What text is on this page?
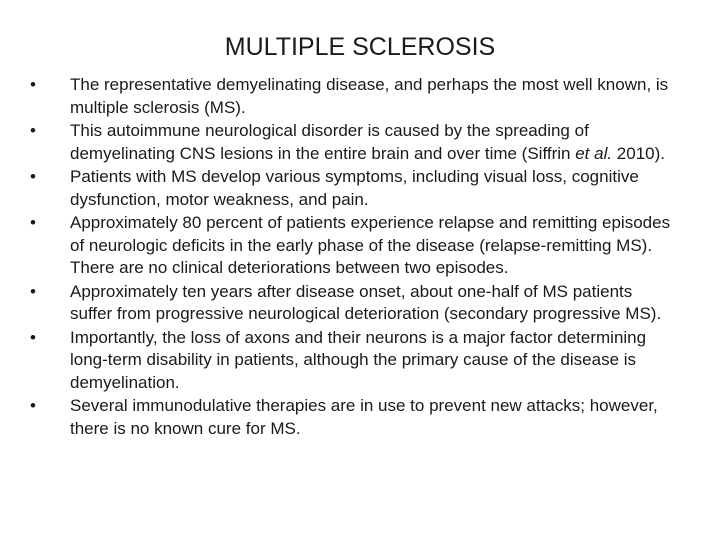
MULTIPLE SCLEROSIS
• The representative demyelinating disease, and perhaps the most well known, is multiple sclerosis (MS).
• This autoimmune neurological disorder is caused by the spreading of demyelinating CNS lesions in the entire brain and over time (Siffrin et al. 2010).
• Patients with MS develop various symptoms, including visual loss, cognitive dysfunction, motor weakness, and pain.
• Approximately 80 percent of patients experience relapse and remitting episodes of neurologic deficits in the early phase of the disease (relapse-remitting MS). There are no clinical deteriorations between two episodes.
• Approximately ten years after disease onset, about one-half of MS patients suffer from progressive neurological deterioration (secondary progressive MS).
• Importantly, the loss of axons and their neurons is a major factor determining long-term disability in patients, although the primary cause of the disease is demyelination.
• Several immunodulative therapies are in use to prevent new attacks; however, there is no known cure for MS.
